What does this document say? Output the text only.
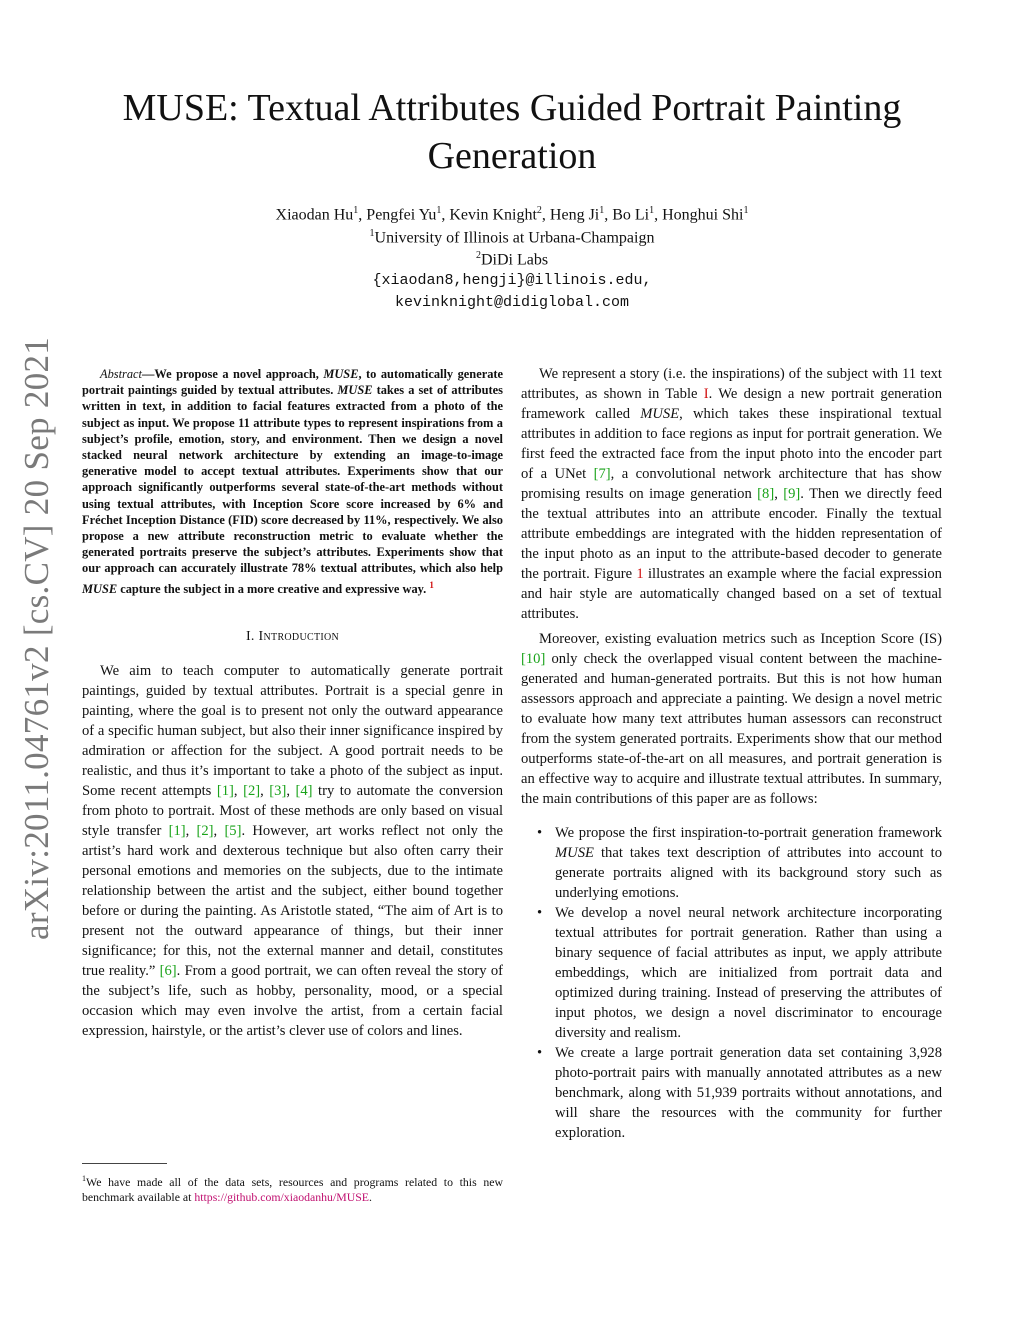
arXiv:2011.04761v2 [cs.CV] 20 Sep 2021
MUSE: Textual Attributes Guided Portrait Painting Generation
Xiaodan Hu$^1$, Pengfei Yu$^1$, Kevin Knight$^2$, Heng Ji$^1$, Bo Li$^1$, Honghui Shi$^1$
$^1$University of Illinois at Urbana-Champaign
$^2$DiDi Labs
{xiaodan8,hengji}@illinois.edu,
kevinknight@didiglobal.com

Abstract—We propose a novel approach, MUSE, to automatically generate portrait paintings guided by textual attributes. MUSE takes a set of attributes written in text, in addition to facial features extracted from a photo of the subject as input. We propose 11 attribute types to represent inspirations from a subject’s profile, emotion, story, and environment. Then we design a novel stacked neural network architecture by extending an image-to-image generative model to accept textual attributes. Experiments show that our approach significantly outperforms several state-of-the-art methods without using textual attributes, with Inception Score score increased by 6% and Fréchet Inception Distance (FID) score decreased by 11%, respectively. We also propose a new attribute reconstruction metric to evaluate whether the generated portraits preserve the subject’s attributes. Experiments show that our approach can accurately illustrate 78% textual attributes, which also help MUSE capture the subject in a more creative and expressive way. $^1$

I. Introduction

We aim to teach computer to automatically generate portrait paintings, guided by textual attributes. Portrait is a special genre in painting, where the goal is to present not only the outward appearance of a specific human subject, but also their inner significance inspired by admiration or affection for the subject. A good portrait needs to be realistic, and thus it’s important to take a photo of the subject as input. Some recent attempts [1], [2], [3], [4] try to automate the conversion from photo to portrait. Most of these methods are only based on visual style transfer [1], [2], [5]. However, art works reflect not only the artist’s hard work and dexterous technique but also often carry their personal emotions and memories on the subjects, due to the intimate relationship between the artist and the subject, either bound together before or during the painting. As Aristotle stated, “The aim of Art is to present not the outward appearance of things, but their inner significance; for this, not the external manner and detail, constitutes true reality.” [6]. From a good portrait, we can often reveal the story of the subject’s life, such as hobby, personality, mood, or a special occasion which may even involve the artist, from a certain facial expression, hairstyle, or the artist’s clever use of colors and lines.

$^1$We have made all of the data sets, resources and programs related to this new benchmark available at https://github.com/xiaodanhu/MUSE.

We represent a story (i.e. the inspirations) of the subject with 11 text attributes, as shown in Table I. We design a new portrait generation framework called MUSE, which takes these inspirational textual attributes in addition to face regions as input for portrait generation. We first feed the extracted face from the input photo into the encoder part of a UNet [7], a convolutional network architecture that has show promising results on image generation [8], [9]. Then we directly feed the textual attributes into an attribute encoder. Finally the textual attribute embeddings are integrated with the hidden representation of the input photo as an input to the attribute-based decoder to generate the portrait. Figure 1 illustrates an example where the facial expression and hair style are automatically changed based on a set of textual attributes.

Moreover, existing evaluation metrics such as Inception Score (IS) [10] only check the overlapped visual content between the machine-generated and human-generated portraits. But this is not how human assessors approach and appreciate a painting. We design a novel metric to evaluate how many text attributes human assessors can reconstruct from the system generated portraits. Experiments show that our method outperforms state-of-the-art on all measures, and portrait generation is an effective way to acquire and illustrate textual attributes. In summary, the main contributions of this paper are as follows:

• We propose the first inspiration-to-portrait generation framework MUSE that takes text description of attributes into account to generate portraits aligned with its background story such as underlying emotions.
• We develop a novel neural network architecture incorporating textual attributes for portrait generation. Rather than using a binary sequence of facial attributes as input, we apply attribute embeddings, which are initialized from portrait data and optimized during training. Instead of preserving the attributes of input photos, we design a novel discriminator to encourage diversity and realism.
• We create a large portrait generation data set containing 3,928 photo-portrait pairs with manually annotated attributes as a new benchmark, along with 51,939 portraits without annotations, and will share the resources with the community for further exploration.
